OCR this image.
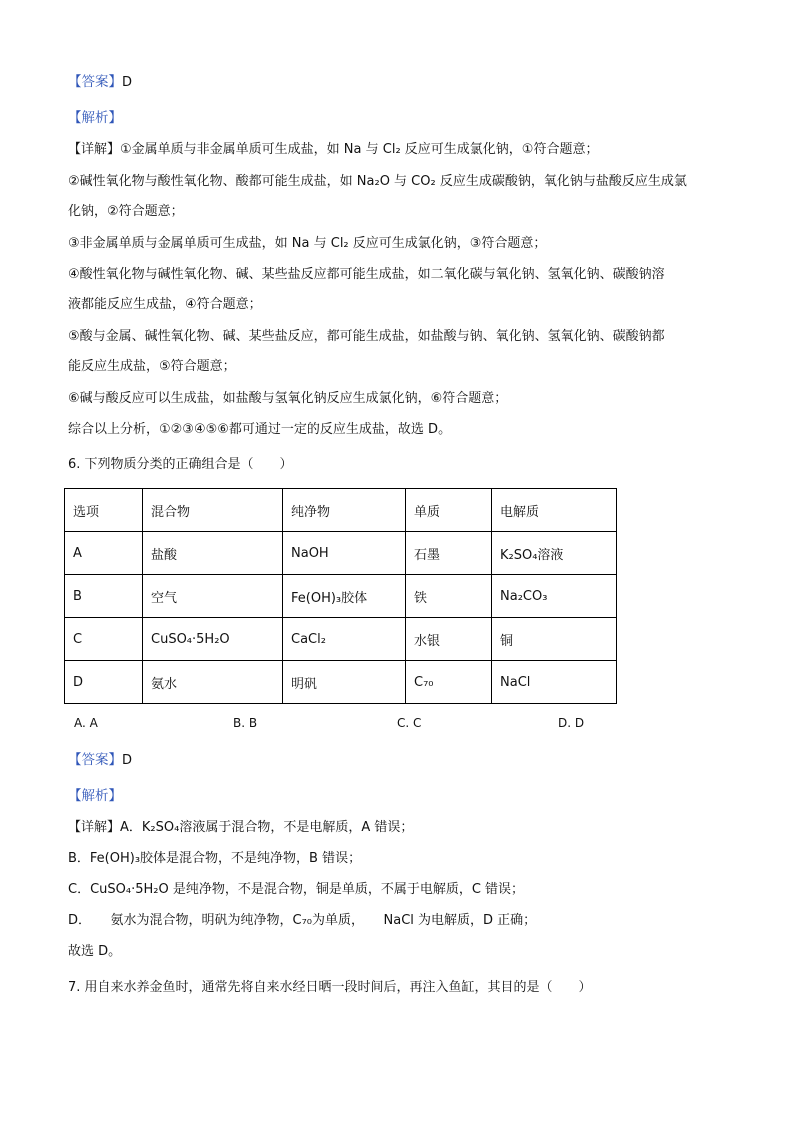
【答案】D
【解析】
【详解】①金属单质与非金属单质可生成盐，如 Na 与 Cl₂ 反应可生成氯化钠，①符合题意；
②碱性氧化物与酸性氧化物、酸都可能生成盐，如 Na₂O 与 CO₂ 反应生成碳酸钠，氧化钠与盐酸反应生成氯
化钠，②符合题意；
③非金属单质与金属单质可生成盐，如 Na 与 Cl₂ 反应可生成氯化钠，③符合题意；
④酸性氧化物与碱性氧化物、碱、某些盐反应都可能生成盐，如二氧化碳与氧化钠、氢氧化钠、碳酸钠溶
液都能反应生成盐，④符合题意；
⑤酸与金属、碱性氧化物、碱、某些盐反应，都可能生成盐，如盐酸与钠、氧化钠、氢氧化钠、碳酸钠都
能反应生成盐，⑤符合题意；
⑥碱与酸反应可以生成盐，如盐酸与氢氧化钠反应生成氯化钠，⑥符合题意；
综合以上分析，①②③④⑤⑥都可通过一定的反应生成盐，故选 D。
6. 下列物质分类的正确组合是（　　）
选项	混合物	纯净物	单质	电解质
A	盐酸	NaOH	石墨	K₂SO₄溶液
B	空气	Fe(OH)₃胶体	铁	Na₂CO₃
C	CuSO₄·5H₂O	CaCl₂	水银	铜
D	氨水	明矾	C₇₀	NaCl
A. A	B. B	C. C	D. D
【答案】D
【解析】
【详解】A．K₂SO₄溶液属于混合物，不是电解质，A 错误；
B．Fe(OH)₃胶体是混合物，不是纯净物，B 错误；
C．CuSO₄·5H₂O 是纯净物，不是混合物，铜是单质，不属于电解质，C 错误；
D．　　氨水为混合物，明矾为纯净物，C₇₀为单质，　　NaCl 为电解质，D 正确；
故选 D。
7. 用自来水养金鱼时，通常先将自来水经日晒一段时间后，再注入鱼缸，其目的是（　　）
